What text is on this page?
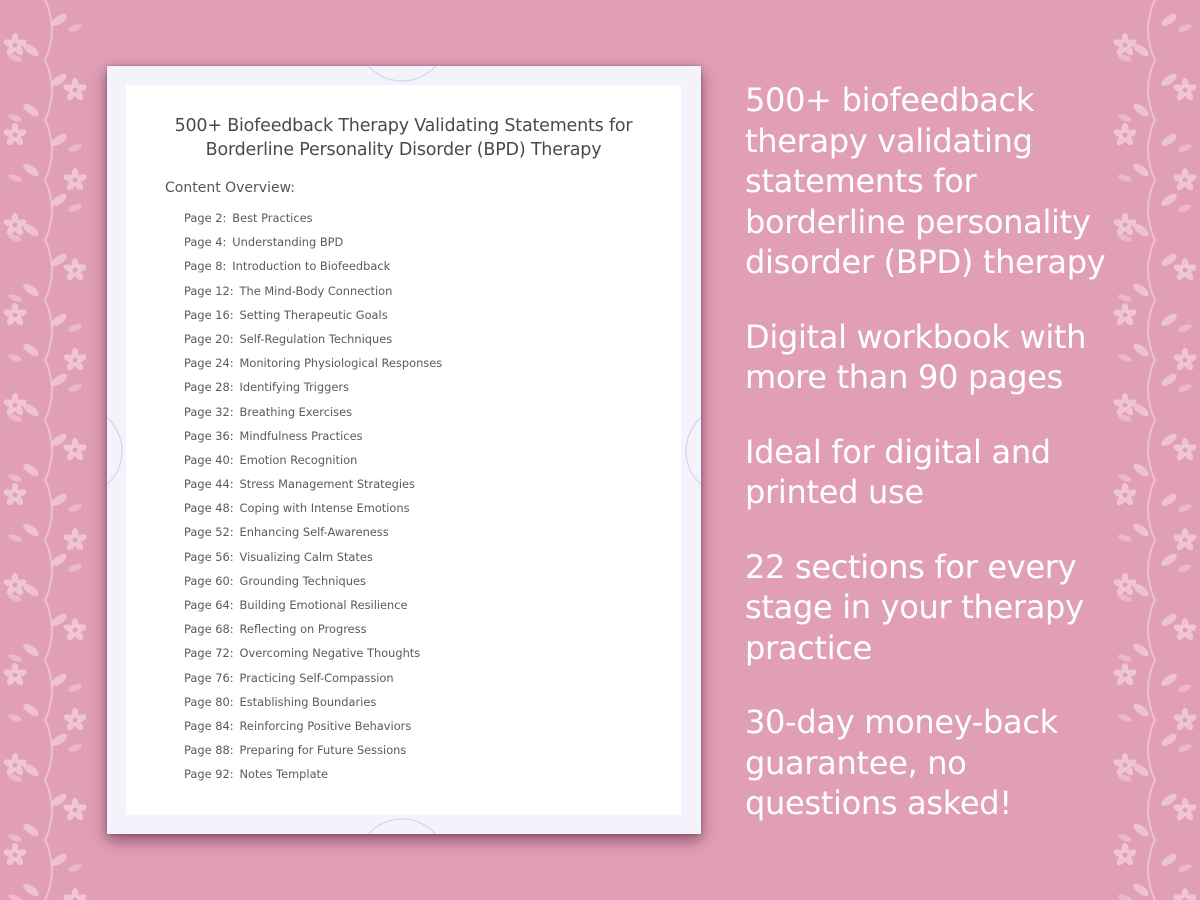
500+ Biofeedback Therapy Validating Statements for
Borderline Personality Disorder (BPD) Therapy
Content Overview:
Page 2: Best Practices
Page 4: Understanding BPD
Page 8: Introduction to Biofeedback
Page 12: The Mind-Body Connection
Page 16: Setting Therapeutic Goals
Page 20: Self-Regulation Techniques
Page 24: Monitoring Physiological Responses
Page 28: Identifying Triggers
Page 32: Breathing Exercises
Page 36: Mindfulness Practices
Page 40: Emotion Recognition
Page 44: Stress Management Strategies
Page 48: Coping with Intense Emotions
Page 52: Enhancing Self-Awareness
Page 56: Visualizing Calm States
Page 60: Grounding Techniques
Page 64: Building Emotional Resilience
Page 68: Reflecting on Progress
Page 72: Overcoming Negative Thoughts
Page 76: Practicing Self-Compassion
Page 80: Establishing Boundaries
Page 84: Reinforcing Positive Behaviors
Page 88: Preparing for Future Sessions
Page 92: Notes Template
500+ biofeedback therapy validating statements for borderline personality disorder (BPD) therapy
Digital workbook with more than 90 pages
Ideal for digital and printed use
22 sections for every stage in your therapy practice
30-day money-back guarantee, no questions asked!
